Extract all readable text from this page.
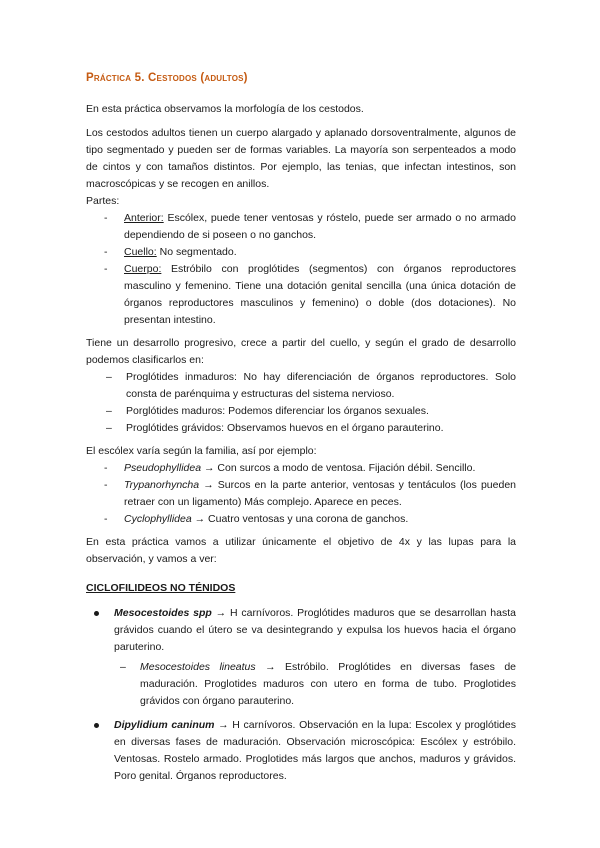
Práctica 5. Cestodos (adultos)

En esta práctica observamos la morfología de los cestodos.

Los cestodos adultos tienen un cuerpo alargado y aplanado dorsoventralmente, algunos de tipo segmentado y pueden ser de formas variables. La mayoría son serpenteados a modo de cintos y con tamaños distintos. Por ejemplo, las tenias, que infectan intestinos, son macroscópicas y se recogen en anillos.

Partes:

- Anterior: Escólex, puede tener ventosas y róstelo, puede ser armado o no armado dependiendo de si poseen o no ganchos.
- Cuello: No segmentado.
- Cuerpo: Estróbilo con proglótides (segmentos) con órganos reproductores masculino y femenino. Tiene una dotación genital sencilla (una única dotación de órganos reproductores masculinos y femenino) o doble (dos dotaciones). No presentan intestino.

Tiene un desarrollo progresivo, crece a partir del cuello, y según el grado de desarrollo podemos clasificarlos en:

– Proglótides inmaduros: No hay diferenciación de órganos reproductores. Solo consta de parénquima y estructuras del sistema nervioso.
– Porglótides maduros: Podemos diferenciar los órganos sexuales.
– Proglótides grávidos: Observamos huevos en el órgano parauterino.

El escólex varía según la familia, así por ejemplo:

- Pseudophyllidea → Con surcos a modo de ventosa. Fijación débil. Sencillo.
- Trypanorhyncha → Surcos en la parte anterior, ventosas y tentáculos (los pueden retraer con un ligamento) Más complejo. Aparece en peces.
- Cyclophyllidea → Cuatro ventosas y una corona de ganchos.

En esta práctica vamos a utilizar únicamente el objetivo de 4x y las lupas para la observación, y vamos a ver:

CICLOFILIDEOS NO TÉNIDOS
Mesocestoides spp → H carnívoros. Proglótides maduros que se desarrollan hasta grávidos cuando el útero se va desintegrando y expulsa los huevos hacia el órgano paruterino.
– Mesocestoides lineatus → Estróbilo. Proglótides en diversas fases de maduración. Proglotides maduros con utero en forma de tubo. Proglotides grávidos con órgano parauterino.
Dipylidium caninum → H carnívoros. Observación en la lupa: Escolex y proglótides en diversas fases de maduración. Observación microscópica: Escólex y estróbilo. Ventosas. Rostelo armado. Proglotides más largos que anchos, maduros y grávidos. Poro genital. Órganos reproductores.
